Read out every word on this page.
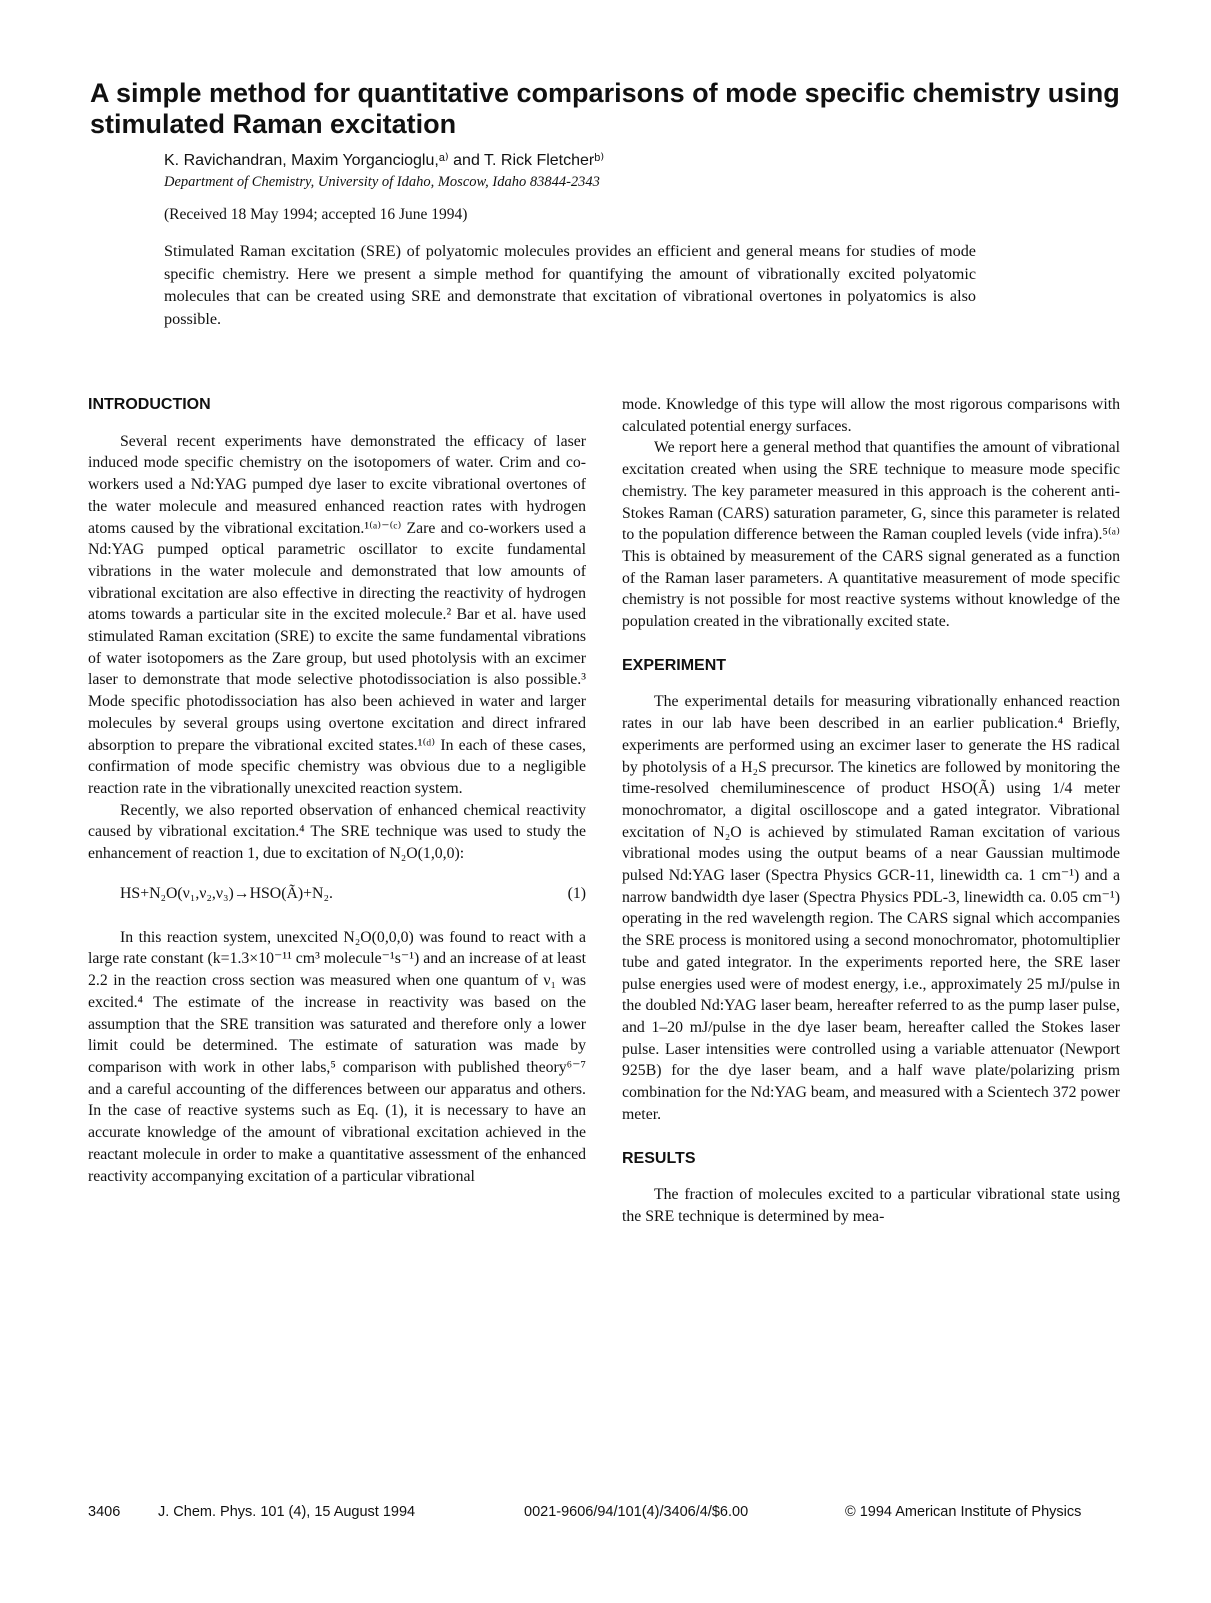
A simple method for quantitative comparisons of mode specific chemistry using stimulated Raman excitation

K. Ravichandran, Maxim Yorgancioglu,ᵃ⁾ and T. Rick Fletcherᵇ⁾

Department of Chemistry, University of Idaho, Moscow, Idaho 83844-2343

(Received 18 May 1994; accepted 16 June 1994)

Stimulated Raman excitation (SRE) of polyatomic molecules provides an efficient and general means for studies of mode specific chemistry. Here we present a simple method for quantifying the amount of vibrationally excited polyatomic molecules that can be created using SRE and demonstrate that excitation of vibrational overtones in polyatomics is also possible.

INTRODUCTION

Several recent experiments have demonstrated the efficacy of laser induced mode specific chemistry on the isotopomers of water. Crim and co-workers used a Nd:YAG pumped dye laser to excite vibrational overtones of the water molecule and measured enhanced reaction rates with hydrogen atoms caused by the vibrational excitation.¹⁽ᵃ⁾⁻⁽ᶜ⁾ Zare and co-workers used a Nd:YAG pumped optical parametric oscillator to excite fundamental vibrations in the water molecule and demonstrated that low amounts of vibrational excitation are also effective in directing the reactivity of hydrogen atoms towards a particular site in the excited molecule.² Bar et al. have used stimulated Raman excitation (SRE) to excite the same fundamental vibrations of water isotopomers as the Zare group, but used photolysis with an excimer laser to demonstrate that mode selective photodissociation is also possible.³ Mode specific photodissociation has also been achieved in water and larger molecules by several groups using overtone excitation and direct infrared absorption to prepare the vibrational excited states.¹⁽ᵈ⁾ In each of these cases, confirmation of mode specific chemistry was obvious due to a negligible reaction rate in the vibrationally unexcited reaction system.

Recently, we also reported observation of enhanced chemical reactivity caused by vibrational excitation.⁴ The SRE technique was used to study the enhancement of reaction 1, due to excitation of N₂O(1,0,0):

HS+N₂O(ν₁,ν₂,ν₃)→HSO(Ã)+N₂.	(1)

In this reaction system, unexcited N₂O(0,0,0) was found to react with a large rate constant (k=1.3×10⁻¹¹ cm³ molecule⁻¹s⁻¹) and an increase of at least 2.2 in the reaction cross section was measured when one quantum of ν₁ was excited.⁴ The estimate of the increase in reactivity was based on the assumption that the SRE transition was saturated and therefore only a lower limit could be determined. The estimate of saturation was made by comparison with work in other labs,⁵ comparison with published theory⁶⁻⁷ and a careful accounting of the differences between our apparatus and others. In the case of reactive systems such as Eq. (1), it is necessary to have an accurate knowledge of the amount of vibrational excitation achieved in the reactant molecule in order to make a quantitative assessment of the enhanced reactivity accompanying excitation of a particular vibrational

mode. Knowledge of this type will allow the most rigorous comparisons with calculated potential energy surfaces.

We report here a general method that quantifies the amount of vibrational excitation created when using the SRE technique to measure mode specific chemistry. The key parameter measured in this approach is the coherent anti-Stokes Raman (CARS) saturation parameter, G, since this parameter is related to the population difference between the Raman coupled levels (vide infra).⁵⁽ᵃ⁾ This is obtained by measurement of the CARS signal generated as a function of the Raman laser parameters. A quantitative measurement of mode specific chemistry is not possible for most reactive systems without knowledge of the population created in the vibrationally excited state.

EXPERIMENT

The experimental details for measuring vibrationally enhanced reaction rates in our lab have been described in an earlier publication.⁴ Briefly, experiments are performed using an excimer laser to generate the HS radical by photolysis of a H₂S precursor. The kinetics are followed by monitoring the time-resolved chemiluminescence of product HSO(Ã) using 1/4 meter monochromator, a digital oscilloscope and a gated integrator. Vibrational excitation of N₂O is achieved by stimulated Raman excitation of various vibrational modes using the output beams of a near Gaussian multimode pulsed Nd:YAG laser (Spectra Physics GCR-11, linewidth ca. 1 cm⁻¹) and a narrow bandwidth dye laser (Spectra Physics PDL-3, linewidth ca. 0.05 cm⁻¹) operating in the red wavelength region. The CARS signal which accompanies the SRE process is monitored using a second monochromator, photomultiplier tube and gated integrator. In the experiments reported here, the SRE laser pulse energies used were of modest energy, i.e., approximately 25 mJ/pulse in the doubled Nd:YAG laser beam, hereafter referred to as the pump laser pulse, and 1–20 mJ/pulse in the dye laser beam, hereafter called the Stokes laser pulse. Laser intensities were controlled using a variable attenuator (Newport 925B) for the dye laser beam, and a half wave plate/polarizing prism combination for the Nd:YAG beam, and measured with a Scientech 372 power meter.

RESULTS

The fraction of molecules excited to a particular vibrational state using the SRE technique is determined by mea-

3406	J. Chem. Phys. 101 (4), 15 August 1994	0021-9606/94/101(4)/3406/4/$6.00	© 1994 American Institute of Physics
